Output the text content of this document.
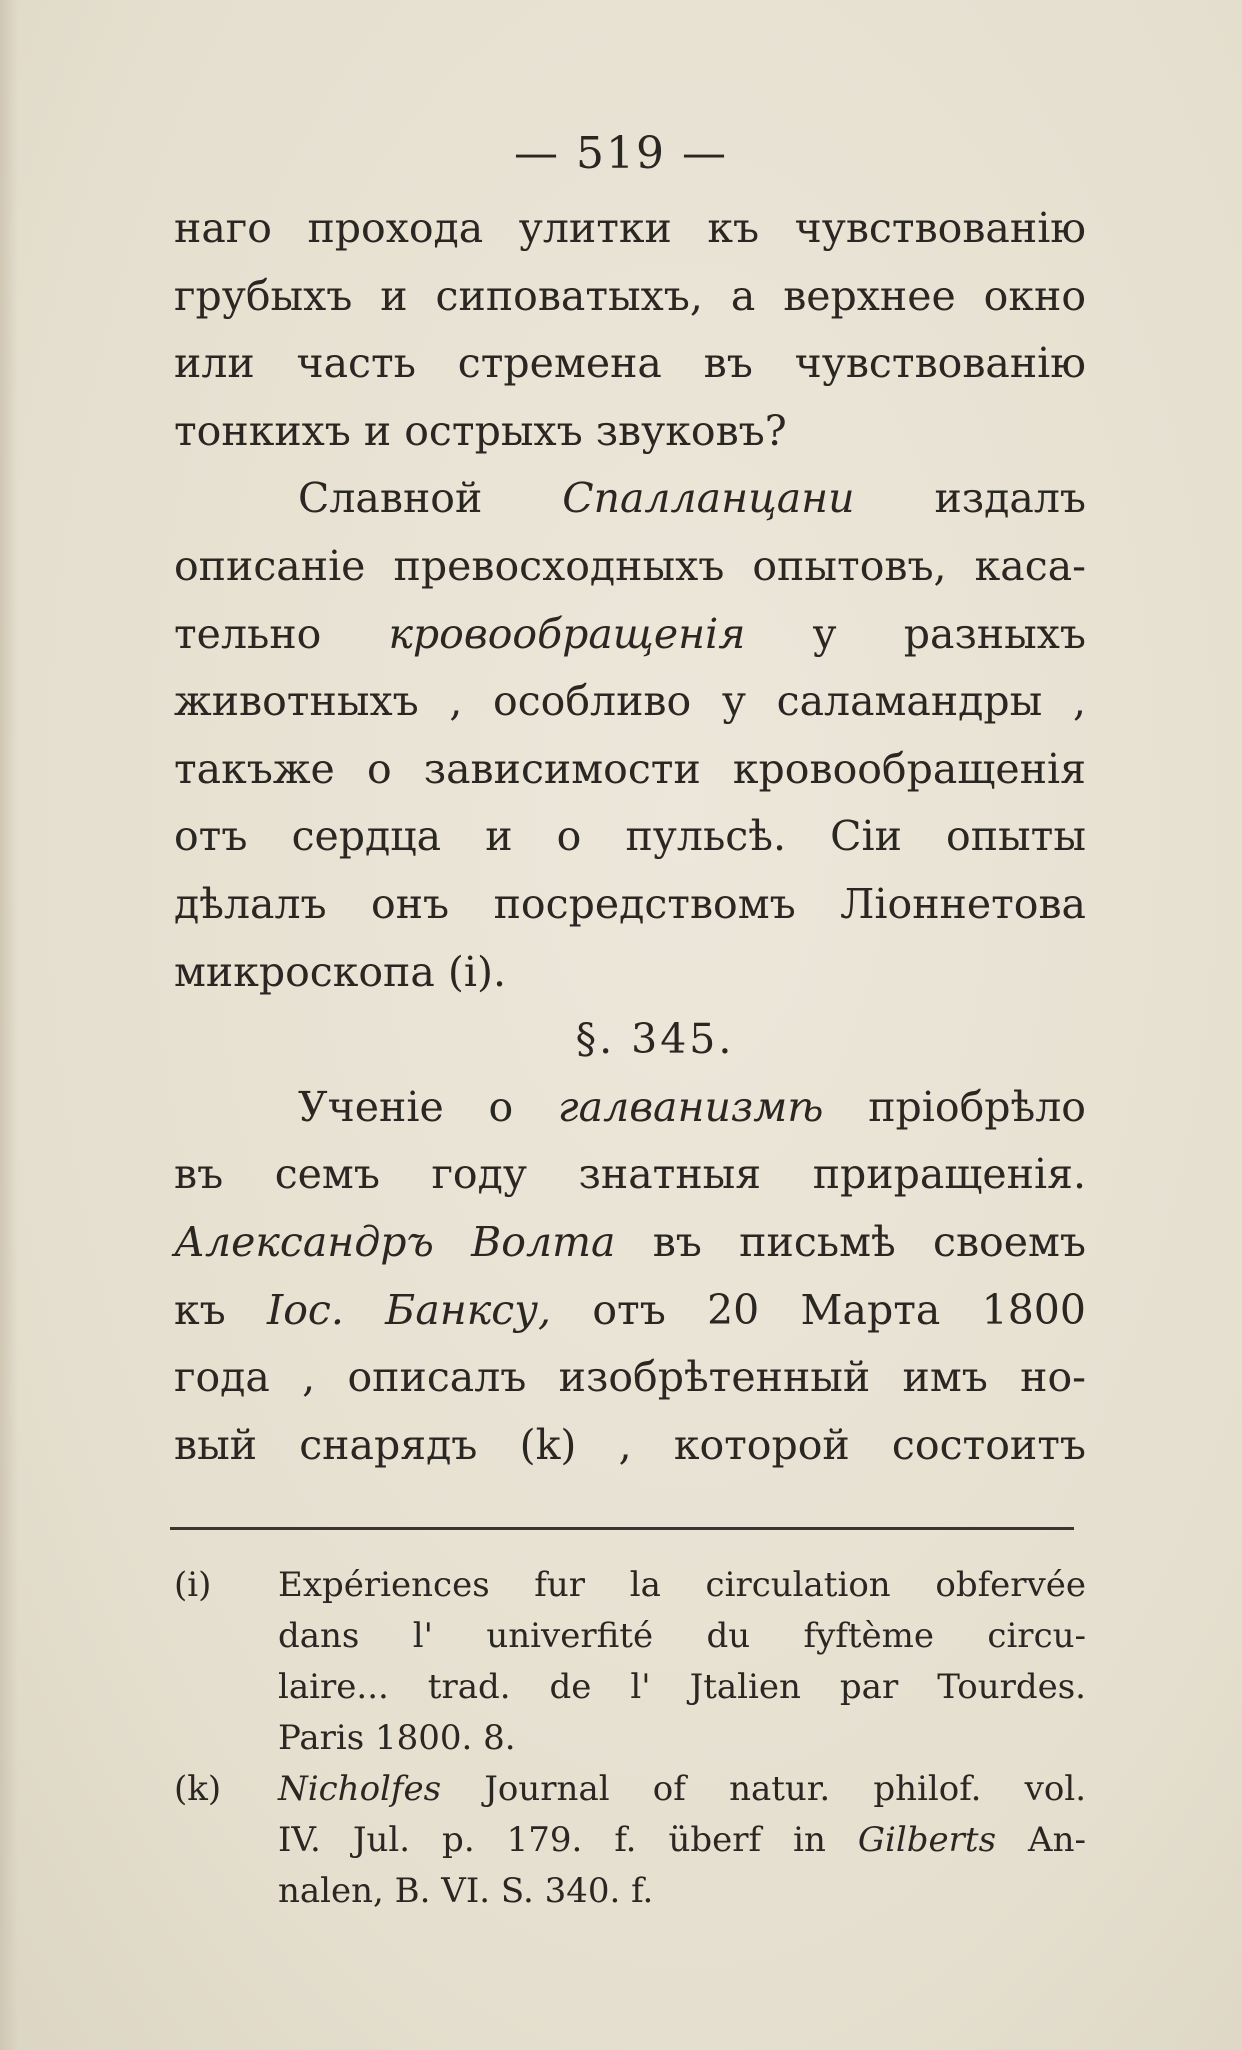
— 519 —
наго прохода улитки къ чувствованію
грубыхъ и сиповатыхъ, а верхнее окно
или часть стремена въ чувствованію
тонкихъ и острыхъ звуковъ?
Славной Спалланцани издалъ
описаніе превосходныхъ опытовъ, каса-
тельно кровообращенія у разныхъ
животныхъ , особливо у саламандры ,
такъже о зависимости кровообращенія
отъ сердца и о пульсѣ. Сіи опыты
дѣлалъ онъ посредствомъ Ліоннетова
микроскопа (i).
§. 345.
Ученіе о галванизмѣ пріобрѣло
въ семъ году знатныя приращенія.
Александръ Волта въ письмѣ своемъ
къ Іос. Банксу, отъ 20 Марта 1800
года , описалъ изобрѣтенный имъ но-
вый снарядъ (k) , которой состоитъ
(i) Expériences fur la circulation obfervée
dans l' univerfité du fyftème circu-
laire... trad. de l' Jtalien par Tourdes.
Paris 1800. 8.
(k) Nicholfes Journal of natur. philof. vol.
IV. Jul. p. 179. f. überf in Gilberts An-
nalen, B. VI. S. 340. f.
